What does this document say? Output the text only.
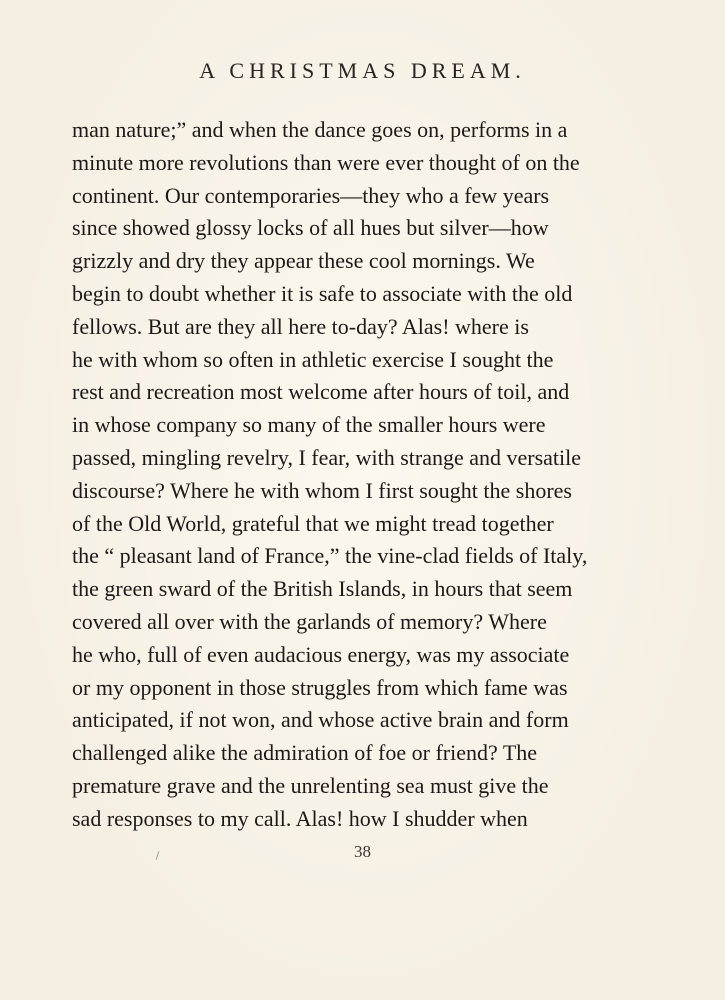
A CHRISTMAS DREAM.
man nature;” and when the dance goes on, performs in a
minute more revolutions than were ever thought of on the
continent. Our contemporaries—they who a few years
since showed glossy locks of all hues but silver—how
grizzly and dry they appear these cool mornings. We
begin to doubt whether it is safe to associate with the old
fellows. But are they all here to-day? Alas! where is
he with whom so often in athletic exercise I sought the
rest and recreation most welcome after hours of toil, and
in whose company so many of the smaller hours were
passed, mingling revelry, I fear, with strange and versatile
discourse? Where he with whom I first sought the shores
of the Old World, grateful that we might tread together
the “ pleasant land of France,” the vine-clad fields of Italy,
the green sward of the British Islands, in hours that seem
covered all over with the garlands of memory? Where
he who, full of even audacious energy, was my associate
or my opponent in those struggles from which fame was
anticipated, if not won, and whose active brain and form
challenged alike the admiration of foe or friend? The
premature grave and the unrelenting sea must give the
sad responses to my call. Alas! how I shudder when
38
